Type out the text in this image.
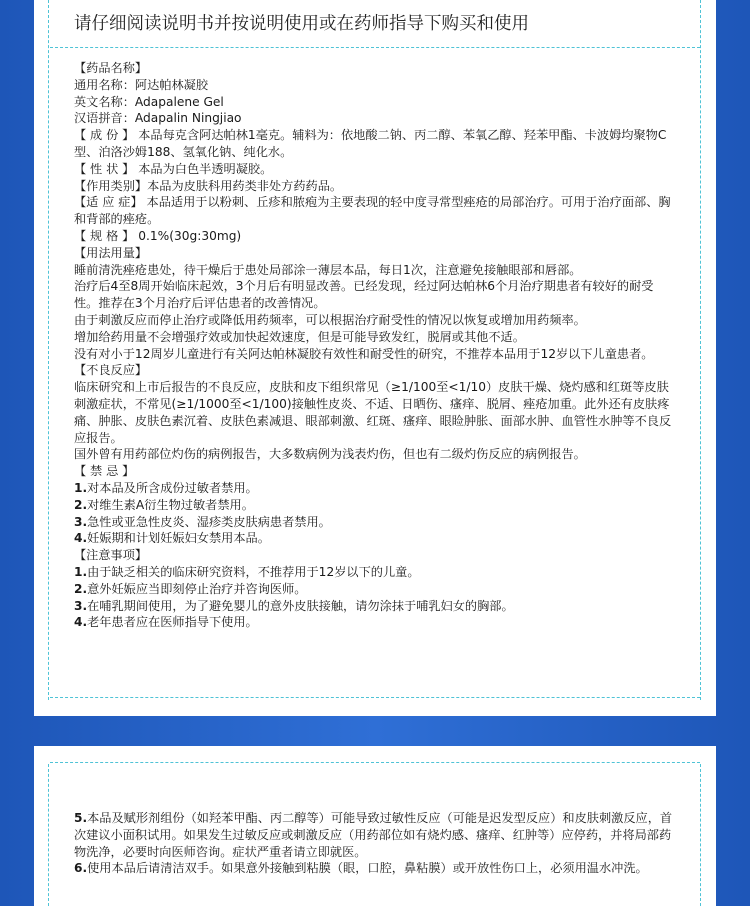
请仔细阅读说明书并按说明使用或在药师指导下购买和使用

【药品名称】

通用名称：阿达帕林凝胶

英文名称：Adapalene Gel

汉语拼音：Adapalin Ningjiao

【 成 份 】 本品每克含阿达帕林1毫克。辅料为：依地酸二钠、丙二醇、苯氧乙醇、羟苯甲酯、卡波姆均聚物C型、泊洛沙姆188、氢氧化钠、纯化水。

【 性 状 】 本品为白色半透明凝胶。

【作用类别】本品为皮肤科用药类非处方药药品。

【适 应 症】 本品适用于以粉刺、丘疹和脓疱为主要表现的轻中度寻常型痤疮的局部治疗。可用于治疗面部、胸和背部的痤疮。

【 规 格 】 0.1%(30g:30mg)

【用法用量】

睡前清洗痤疮患处，待干燥后于患处局部涂一薄层本品，每日1次，注意避免接触眼部和唇部。

治疗后4至8周开始临床起效，3个月后有明显改善。已经发现，经过阿达帕林6个月治疗期患者有较好的耐受性。推荐在3个月治疗后评估患者的改善情况。

由于刺激反应而停止治疗或降低用药频率，可以根据治疗耐受性的情况以恢复或增加用药频率。

增加给药用量不会增强疗效或加快起效速度，但是可能导致发红，脱屑或其他不适。

没有对小于12周岁儿童进行有关阿达帕林凝胶有效性和耐受性的研究，不推荐本品用于12岁以下儿童患者。

【不良反应】

临床研究和上市后报告的不良反应，皮肤和皮下组织常见（≥1/100至<1/10）皮肤干燥、烧灼感和红斑等皮肤刺激症状，不常见(≥1/1000至<1/100)接触性皮炎、不适、日晒伤、瘙痒、脱屑、痤疮加重。此外还有皮肤疼痛、肿胀、皮肤色素沉着、皮肤色素减退、眼部刺激、红斑、瘙痒、眼睑肿胀、面部水肿、血管性水肿等不良反应报告。

国外曾有用药部位灼伤的病例报告，大多数病例为浅表灼伤，但也有二级灼伤反应的病例报告。

【 禁 忌 】

1.对本品及所含成份过敏者禁用。

2.对维生素A衍生物过敏者禁用。

3.急性或亚急性皮炎、湿疹类皮肤病患者禁用。

4.妊娠期和计划妊娠妇女禁用本品。

【注意事项】

1.由于缺乏相关的临床研究资料，不推荐用于12岁以下的儿童。

2.意外妊娠应当即刻停止治疗并咨询医师。

3.在哺乳期间使用，为了避免婴儿的意外皮肤接触，请勿涂抹于哺乳妇女的胸部。

4.老年患者应在医师指导下使用。

5.本品及赋形剂组份（如羟苯甲酯、丙二醇等）可能导致过敏性反应（可能是迟发型反应）和皮肤刺激反应，首次建议小面积试用。如果发生过敏反应或刺激反应（用药部位如有烧灼感、瘙痒、红肿等）应停药，并将局部药物洗净，必要时向医师咨询。症状严重者请立即就医。

6.使用本品后请清洁双手。如果意外接触到粘膜（眼，口腔，鼻粘膜）或开放性伤口上，必须用温水冲洗。
